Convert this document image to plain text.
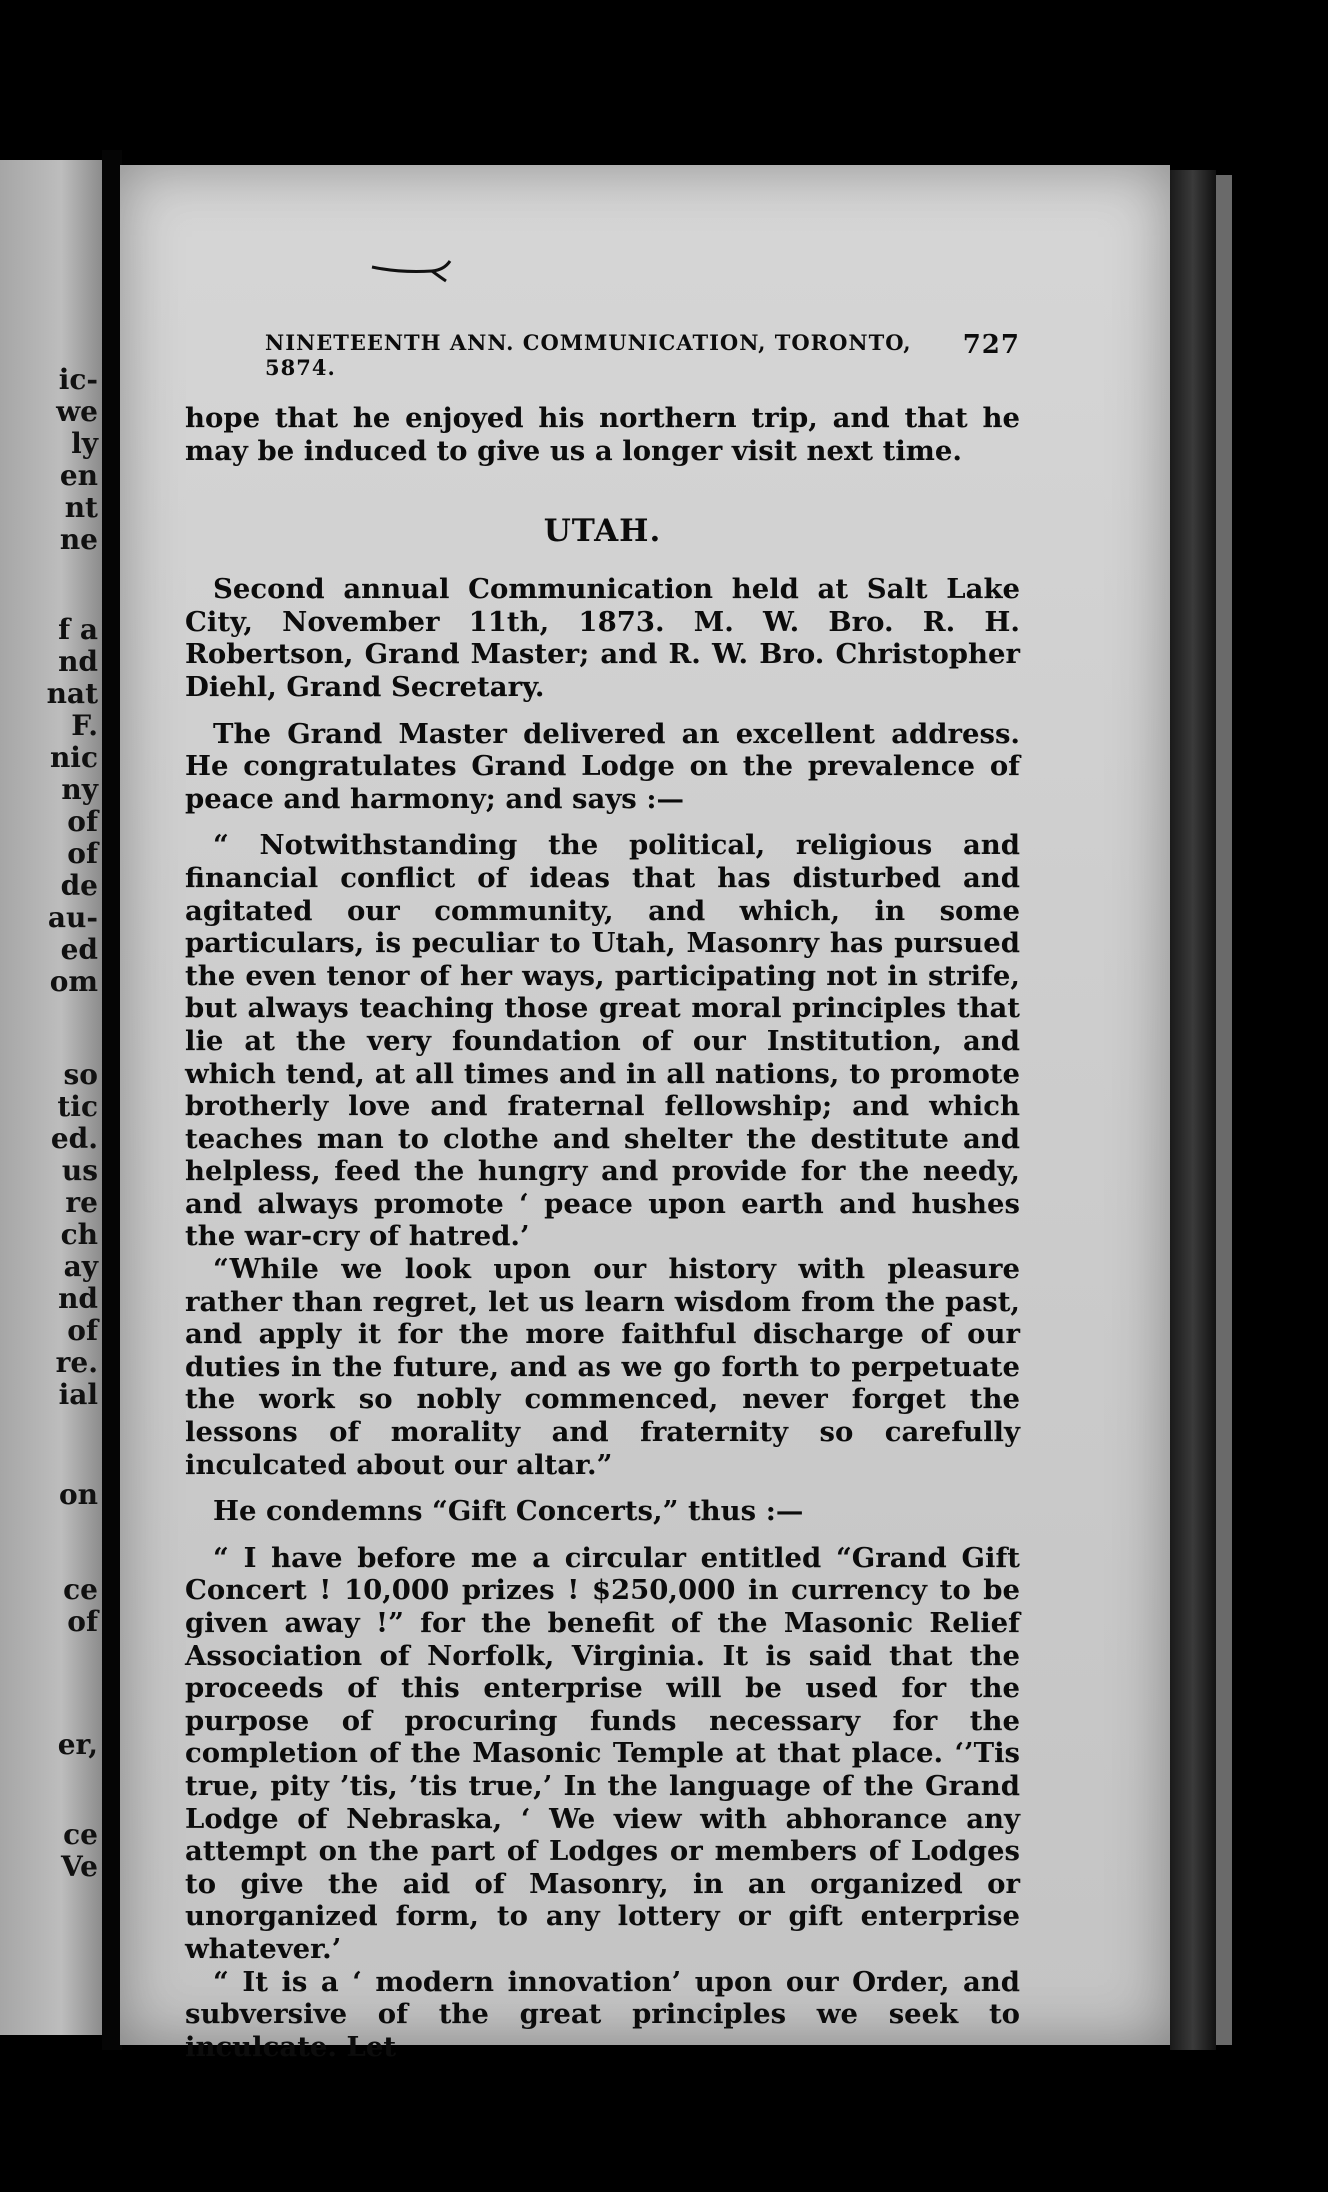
ic-
we
ly
en
nt
ne
f a
nd
nat
F.
nic
ny
of
of
de
au-
ed
om
so
tic
ed.
us
re
ch
ay
nd
of
re.
ial
on
ce
of
er,
ce
Ve
NINETEENTH ANN. COMMUNICATION, TORONTO, 5874.
727

hope that he enjoyed his northern trip, and that he may be induced to give us a longer visit next time.

UTAH.

Second annual Communication held at Salt Lake City, November 11th, 1873. M. W. Bro. R. H. Robertson, Grand Master; and R. W. Bro. Christopher Diehl, Grand Secretary.

The Grand Master delivered an excellent address. He congratulates Grand Lodge on the prevalence of peace and harmony; and says :—

“ Notwithstanding the political, religious and financial conflict of ideas that has disturbed and agitated our community, and which, in some particulars, is peculiar to Utah, Masonry has pursued the even tenor of her ways, participating not in strife, but always teaching those great moral principles that lie at the very foundation of our Institution, and which tend, at all times and in all nations, to promote brotherly love and fraternal fellowship; and which teaches man to clothe and shelter the destitute and helpless, feed the hungry and provide for the needy, and always promote ‘ peace upon earth and hushes the war-cry of hatred.’

“While we look upon our history with pleasure rather than regret, let us learn wisdom from the past, and apply it for the more faithful discharge of our duties in the future, and as we go forth to perpetuate the work so nobly commenced, never forget the lessons of morality and fraternity so carefully inculcated about our altar.”

He condemns “Gift Concerts,” thus :—

“ I have before me a circular entitled “Grand Gift Concert ! 10,000 prizes ! $250,000 in currency to be given away !” for the benefit of the Masonic Relief Association of Norfolk, Virginia. It is said that the proceeds of this enterprise will be used for the purpose of procuring funds necessary for the completion of the Masonic Temple at that place. ‘’Tis true, pity ’tis, ’tis true,’ In the language of the Grand Lodge of Nebraska, ‘ We view with abhorance any attempt on the part of Lodges or members of Lodges to give the aid of Masonry, in an organized or unorganized form, to any lottery or gift enterprise whatever.’

“ It is a ‘ modern innovation’ upon our Order, and subversive of the great principles we seek to inculcate. Let
